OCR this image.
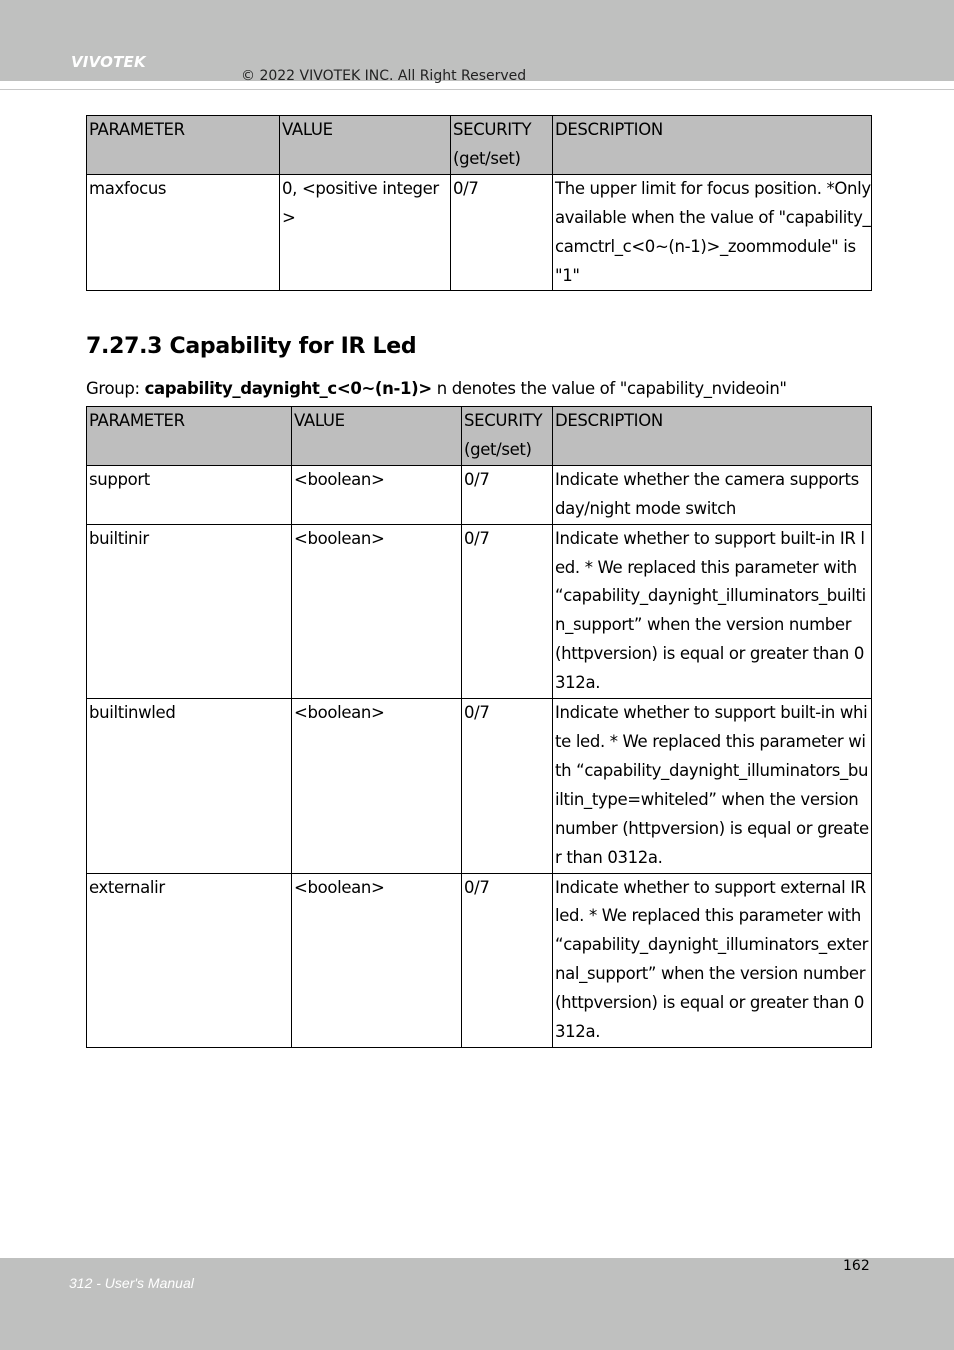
VIVOTEK
© 2022 VIVOTEK INC. All Right Reserved
PARAMETER	VALUE	SECURITY (get/set)	DESCRIPTION
maxfocus	0, <positive integer>	0/7	The upper limit for focus position. *Only available when the value of "capability_camctrl_c<0~(n-1)>_zoommodule" is "1"
7.27.3 Capability for IR Led
Group: capability_daynight_c<0~(n-1)> n denotes the value of "capability_nvideoin"
PARAMETER	VALUE	SECURITY (get/set)	DESCRIPTION
support	<boolean>	0/7	Indicate whether the camera supports day/night mode switch
builtinir	<boolean>	0/7	Indicate whether to support built-in IR led. * We replaced this parameter with “capability_daynight_illuminators_builtin_support” when the version number (httpversion) is equal or greater than 0312a.
builtinwled	<boolean>	0/7	Indicate whether to support built-in white led. * We replaced this parameter with “capability_daynight_illuminators_builtin_type=whiteled” when the version number (httpversion) is equal or greater than 0312a.
externalir	<boolean>	0/7	Indicate whether to support external IR led. * We replaced this parameter with “capability_daynight_illuminators_external_support” when the version number (httpversion) is equal or greater than 0312a.
162
312 - User's Manual
